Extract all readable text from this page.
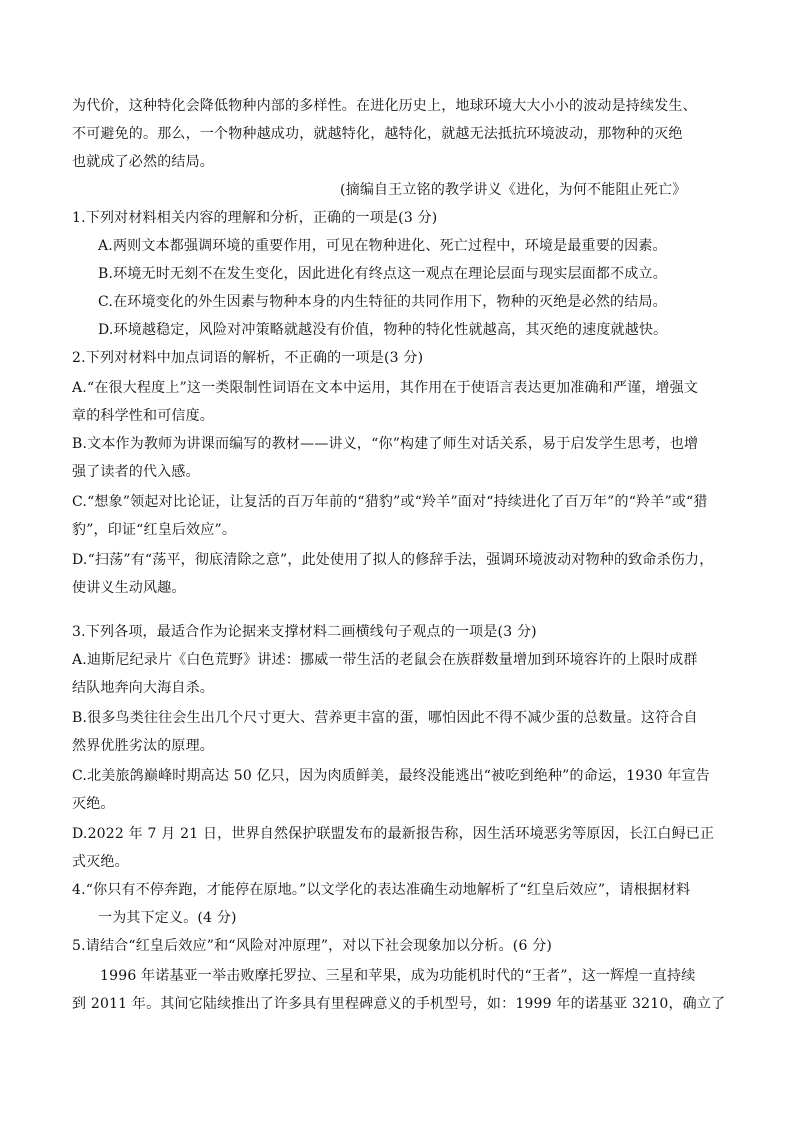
为代价，这种特化会降低物种内部的多样性。在进化历史上，地球环境大大小小的波动是持续发生、
不可避免的。那么，一个物种越成功，就越特化，越特化，就越无法抵抗环境波动，那物种的灭绝
也就成了必然的结局。
(摘编自王立铭的教学讲义《进化，为何不能阻止死亡》
1.下列对材料相关内容的理解和分析，正确的一项是(3 分)
A.两则文本都强调环境的重要作用，可见在物种进化、死亡过程中，环境是最重要的因素。
B.环境无时无刻不在发生变化，因此进化有终点这一观点在理论层面与现实层面都不成立。
C.在环境变化的外生因素与物种本身的内生特征的共同作用下，物种的灭绝是必然的结局。
D.环境越稳定，风险对冲策略就越没有价值，物种的特化性就越高，其灭绝的速度就越快。
2.下列对材料中加点词语的解析，不正确的一项是(3 分)
A.“在很大程度上”这一类限制性词语在文本中运用，其作用在于使语言表达更加准确和严谨，增强文
章的科学性和可信度。
B.文本作为教师为讲课而编写的教材——讲义，“你”构建了师生对话关系，易于启发学生思考，也增
强了读者的代入感。
C.“想象”领起对比论证，让复活的百万年前的“猎豹”或“羚羊”面对“持续进化了百万年”的“羚羊”或“猎
豹”，印证“红皇后效应”。
D.“扫荡”有“荡平，彻底清除之意”，此处使用了拟人的修辞手法，强调环境波动对物种的致命杀伤力，
使讲义生动风趣。
3.下列各项，最适合作为论据来支撑材料二画横线句子观点的一项是(3 分)
A.迪斯尼纪录片《白色荒野》讲述：挪威一带生活的老鼠会在族群数量增加到环境容许的上限时成群
结队地奔向大海自杀。
B.很多鸟类往往会生出几个尺寸更大、营养更丰富的蛋，哪怕因此不得不减少蛋的总数量。这符合自
然界优胜劣汰的原理。
C.北美旅鸽巅峰时期高达 50 亿只，因为肉质鲜美，最终没能逃出“被吃到绝种”的命运，1930 年宣告
灭绝。
D.2022 年 7 月 21 日，世界自然保护联盟发布的最新报告称，因生活环境恶劣等原因，长江白鲟已正
式灭绝。
4.“你只有不停奔跑，才能停在原地。”以文学化的表达准确生动地解析了“红皇后效应”，请根据材料
一为其下定义。(4 分)
5.请结合“红皇后效应”和“风险对冲原理”，对以下社会现象加以分析。(6 分)
1996 年诺基亚一举击败摩托罗拉、三星和苹果，成为功能机时代的“王者”，这一辉煌一直持续
到 2011 年。其间它陆续推出了许多具有里程碑意义的手机型号，如：1999 年的诺基亚 3210，确立了
